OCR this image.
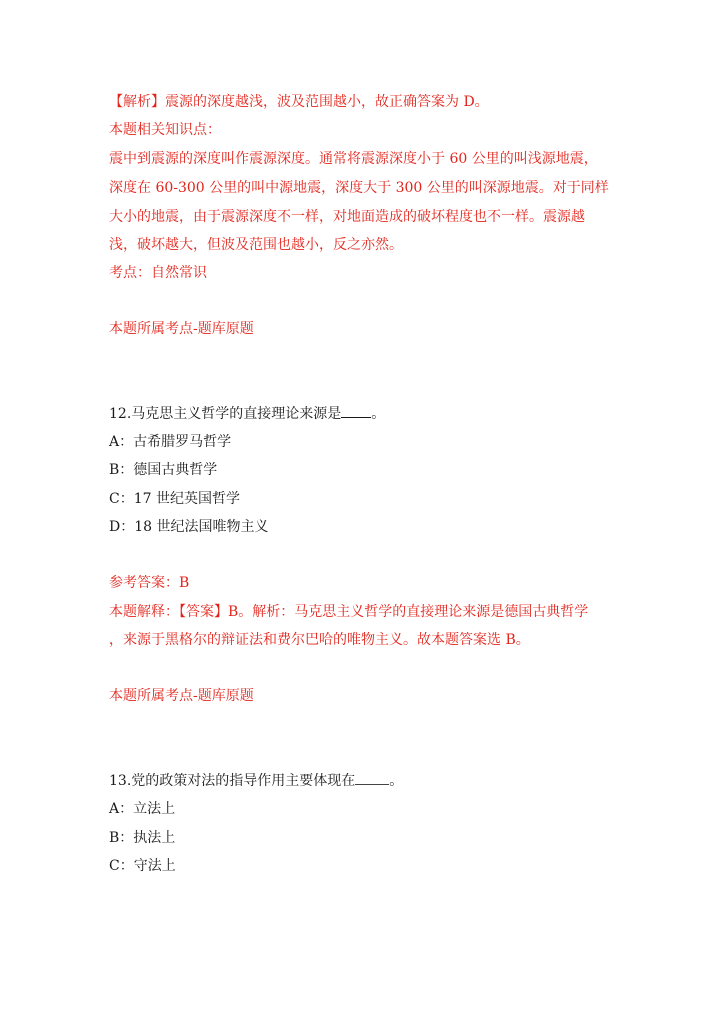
【解析】震源的深度越浅，波及范围越小，故正确答案为 D。
本题相关知识点：
震中到震源的深度叫作震源深度。通常将震源深度小于 60 公里的叫浅源地震，
深度在 60-300 公里的叫中源地震，深度大于 300 公里的叫深源地震。对于同样
大小的地震，由于震源深度不一样，对地面造成的破坏程度也不一样。震源越
浅，破坏越大，但波及范围也越小，反之亦然。
考点：自然常识
本题所属考点-题库原题
12.马克思主义哲学的直接理论来源是 。
A：古希腊罗马哲学
B：德国古典哲学
C：17 世纪英国哲学
D：18 世纪法国唯物主义
参考答案：B
本题解释：【答案】B。解析：马克思主义哲学的直接理论来源是德国古典哲学
，来源于黑格尔的辩证法和费尔巴哈的唯物主义。故本题答案选 B。
本题所属考点-题库原题
13.党的政策对法的指导作用主要体现在 。
A：立法上
B：执法上
C：守法上
